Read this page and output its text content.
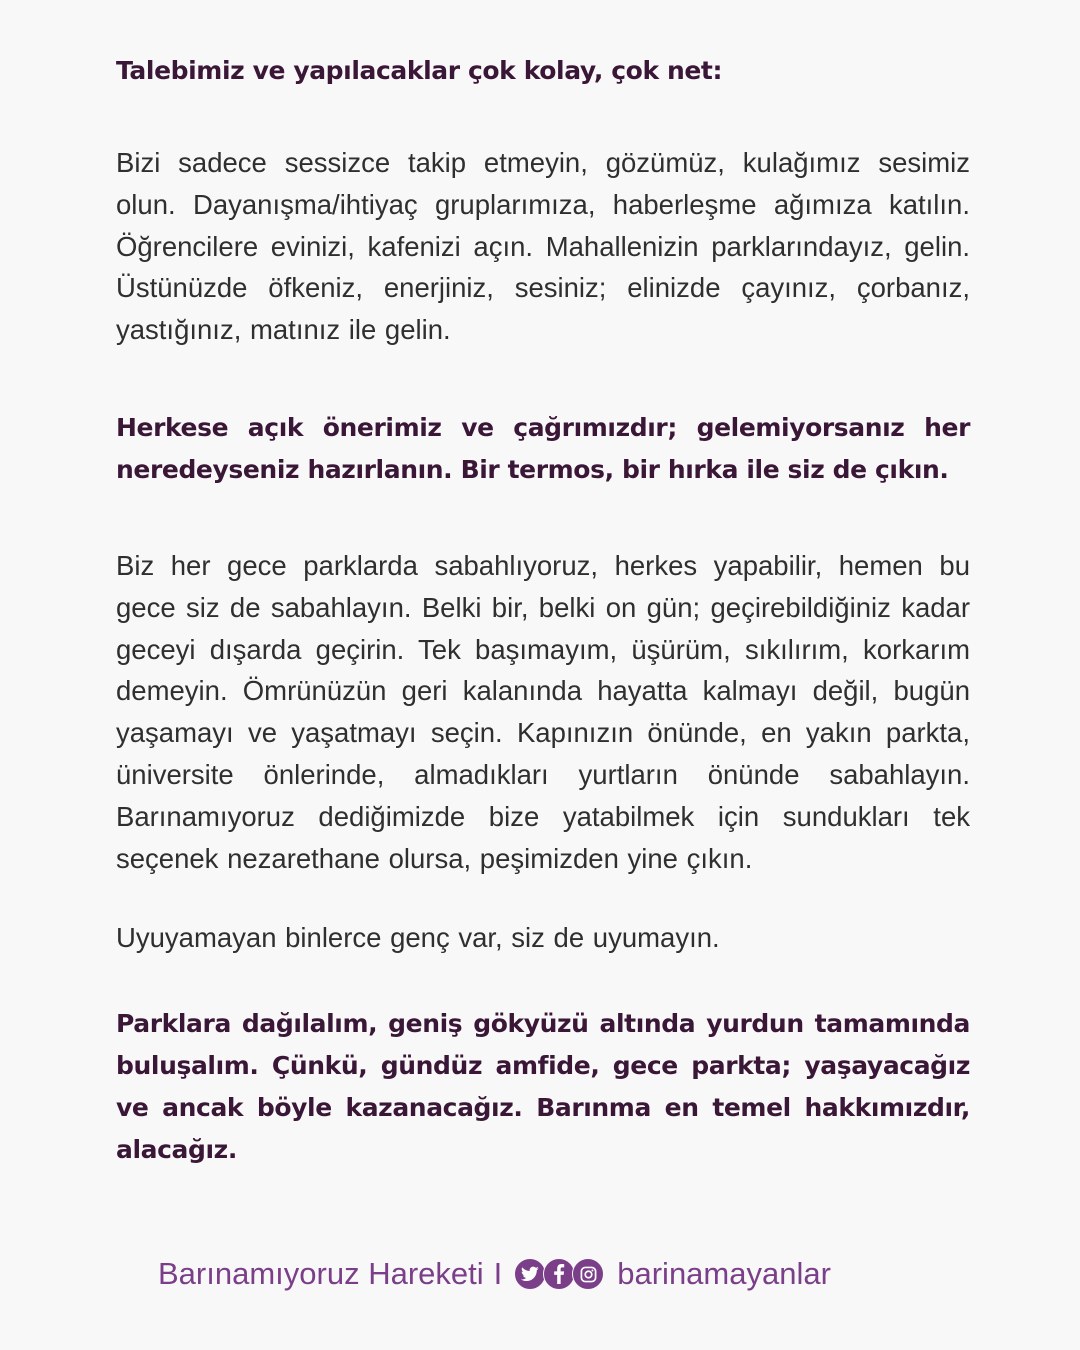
Talebimiz ve yapılacaklar çok kolay, çok net:

Bizi sadece sessizce takip etmeyin, gözümüz, kulağımız sesimiz olun. Dayanışma/ihtiyaç gruplarımıza, haberleşme ağımıza katılın. Öğrencilere evinizi, kafenizi açın. Mahallenizin parklarındayız, gelin. Üstünüzde öfkeniz, enerjiniz, sesiniz; elinizde çayınız, çorbanız, yastığınız, matınız ile gelin.

Herkese açık önerimiz ve çağrımızdır; gelemiyorsanız her neredeyseniz hazırlanın. Bir termos, bir hırka ile siz de çıkın.

Biz her gece parklarda sabahlıyoruz, herkes yapabilir, hemen bu gece siz de sabahlayın. Belki bir, belki on gün; geçirebildiğiniz kadar geceyi dışarda geçirin. Tek başımayım, üşürüm, sıkılırım, korkarım demeyin. Ömrünüzün geri kalanında hayatta kalmayı değil, bugün yaşamayı ve yaşatmayı seçin. Kapınızın önünde, en yakın parkta, üniversite önlerinde, almadıkları yurtların önünde sabahlayın. Barınamıyoruz dediğimizde bize yatabilmek için sundukları tek seçenek nezarethane olursa, peşimizden yine çıkın.

Uyuyamayan binlerce genç var, siz de uyumayın.

Parklara dağılalım, geniş gökyüzü altında yurdun tamamında buluşalım. Çünkü, gündüz amfide, gece parkta; yaşayacağız ve ancak böyle kazanacağız. Barınma en temel hakkımızdır, alacağız.

Barınamıyoruz Hareketi I	barinamayanlar
